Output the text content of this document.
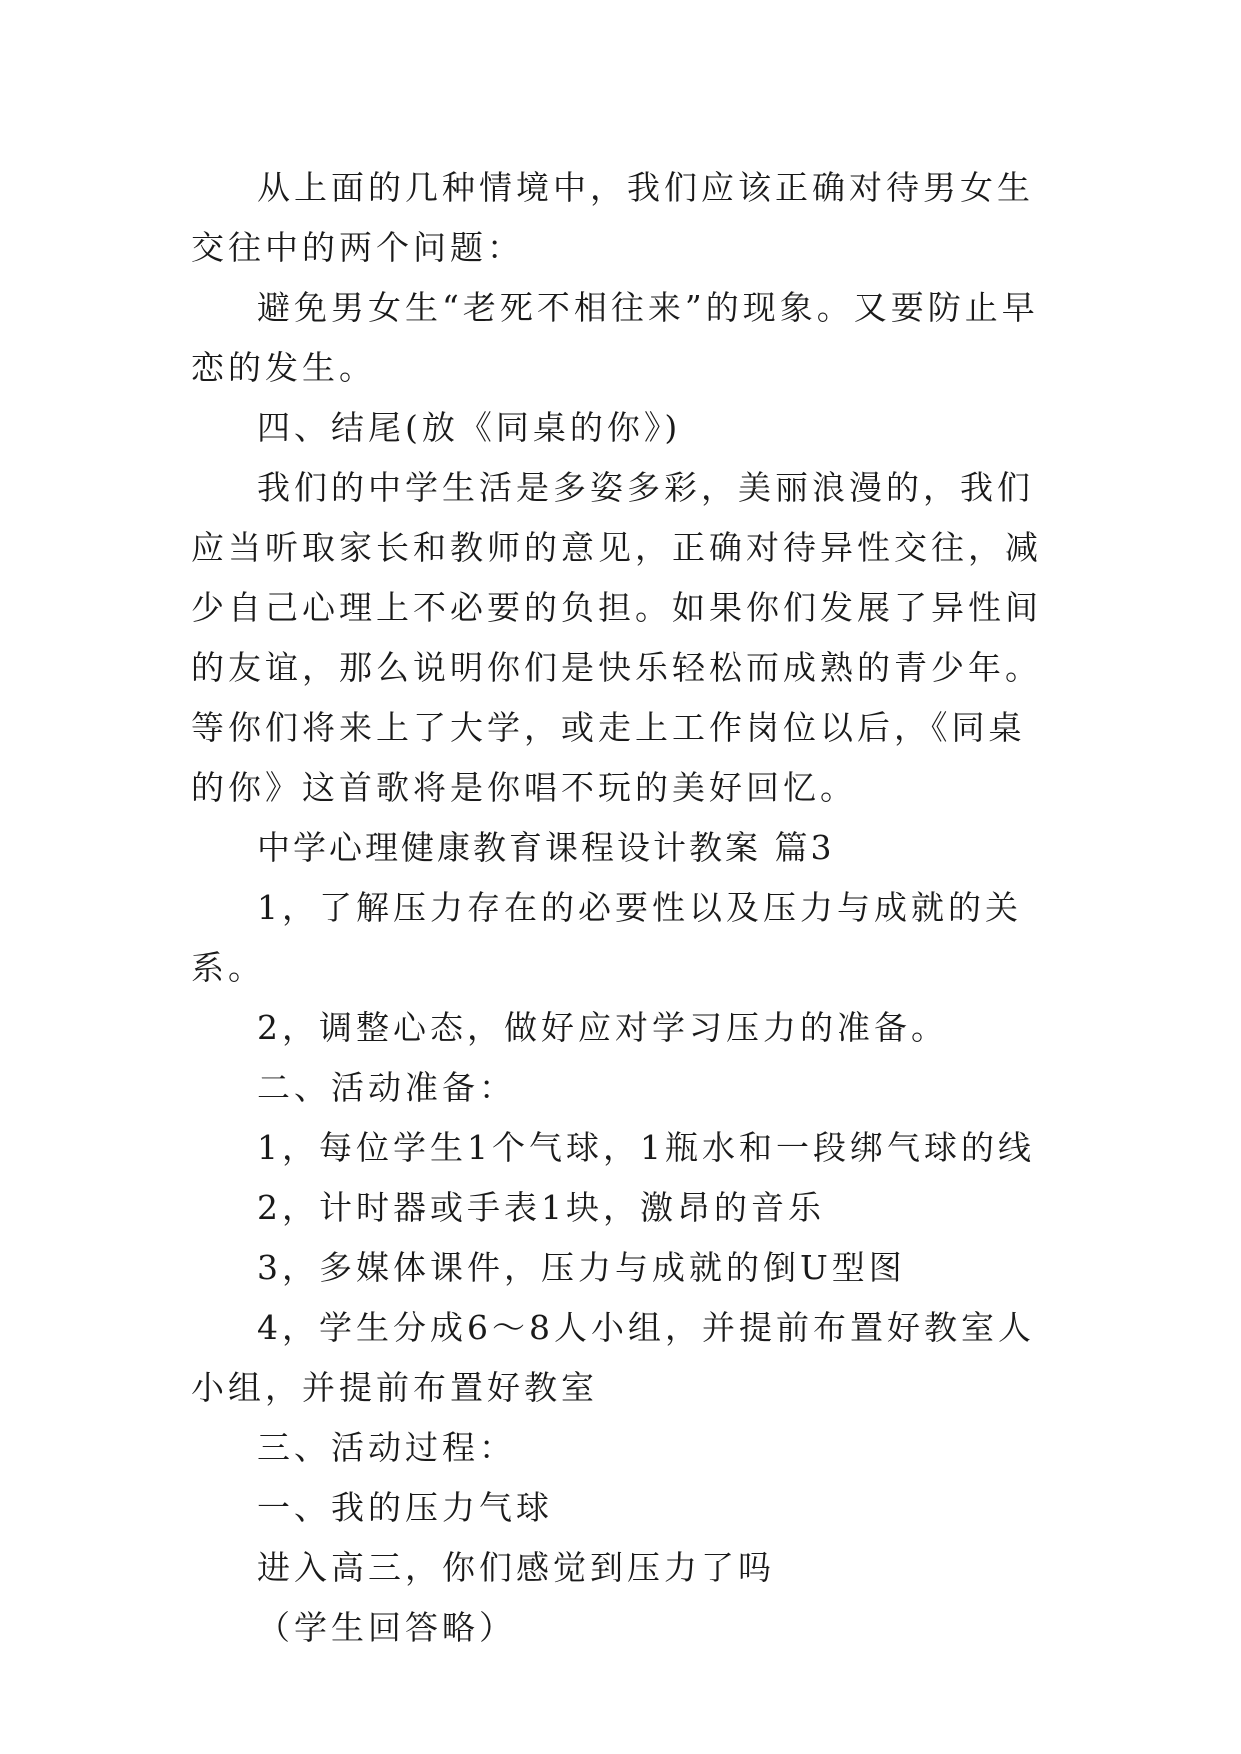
从上面的几种情境中，我们应该正确对待男女生交往中的两个问题：

避免男女生“老死不相往来”的现象。又要防止早恋的发生。

四、结尾(放《同桌的你》)

我们的中学生活是多姿多彩，美丽浪漫的，我们应当听取家长和教师的意见，正确对待异性交往，减少自己心理上不必要的负担。如果你们发展了异性间的友谊，那么说明你们是快乐轻松而成熟的青少年。等你们将来上了大学，或走上工作岗位以后，《同桌的你》这首歌将是你唱不玩的美好回忆。

中学心理健康教育课程设计教案 篇3

1，了解压力存在的必要性以及压力与成就的关系。

2，调整心态，做好应对学习压力的准备。

二、活动准备：

1，每位学生1个气球，1瓶水和一段绑气球的线

2，计时器或手表1块，激昂的音乐

3，多媒体课件，压力与成就的倒U型图

4，学生分成6～8人小组，并提前布置好教室人小组，并提前布置好教室

三、活动过程：

一、我的压力气球

进入高三，你们感觉到压力了吗

（学生回答略）
